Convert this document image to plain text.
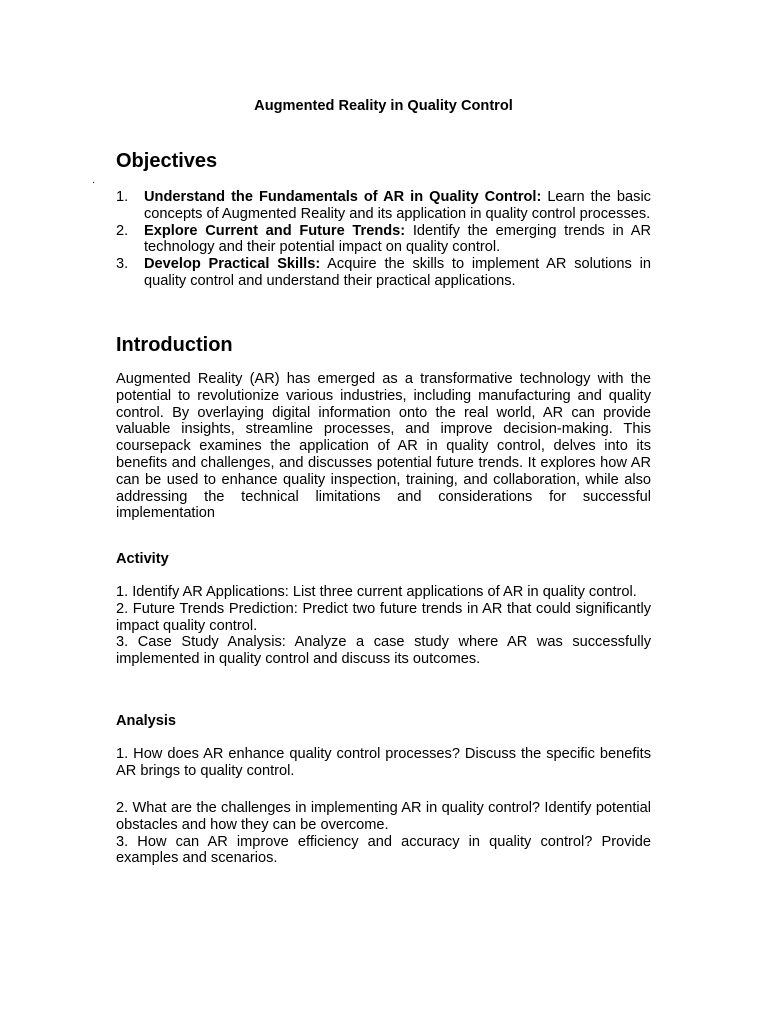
Augmented Reality in Quality Control
Objectives
1. Understand the Fundamentals of AR in Quality Control: Learn the basic concepts of Augmented Reality and its application in quality control processes.
2. Explore Current and Future Trends: Identify the emerging trends in AR technology and their potential impact on quality control.
3. Develop Practical Skills: Acquire the skills to implement AR solutions in quality control and understand their practical applications.
Introduction

Augmented Reality (AR) has emerged as a transformative technology with the potential to revolutionize various industries, including manufacturing and quality control. By overlaying digital information onto the real world, AR can provide valuable insights, streamline processes, and improve decision-making. This coursepack examines the application of AR in quality control, delves into its benefits and challenges, and discusses potential future trends. It explores how AR can be used to enhance quality inspection, training, and collaboration, while also addressing the technical limitations and considerations for successful implementation

Activity

1. Identify AR Applications: List three current applications of AR in quality control.

2. Future Trends Prediction: Predict two future trends in AR that could significantly impact quality control.

3. Case Study Analysis: Analyze a case study where AR was successfully implemented in quality control and discuss its outcomes.

Analysis

1. How does AR enhance quality control processes? Discuss the specific benefits AR brings to quality control.

2. What are the challenges in implementing AR in quality control? Identify potential obstacles and how they can be overcome.

3. How can AR improve efficiency and accuracy in quality control? Provide examples and scenarios.

·
